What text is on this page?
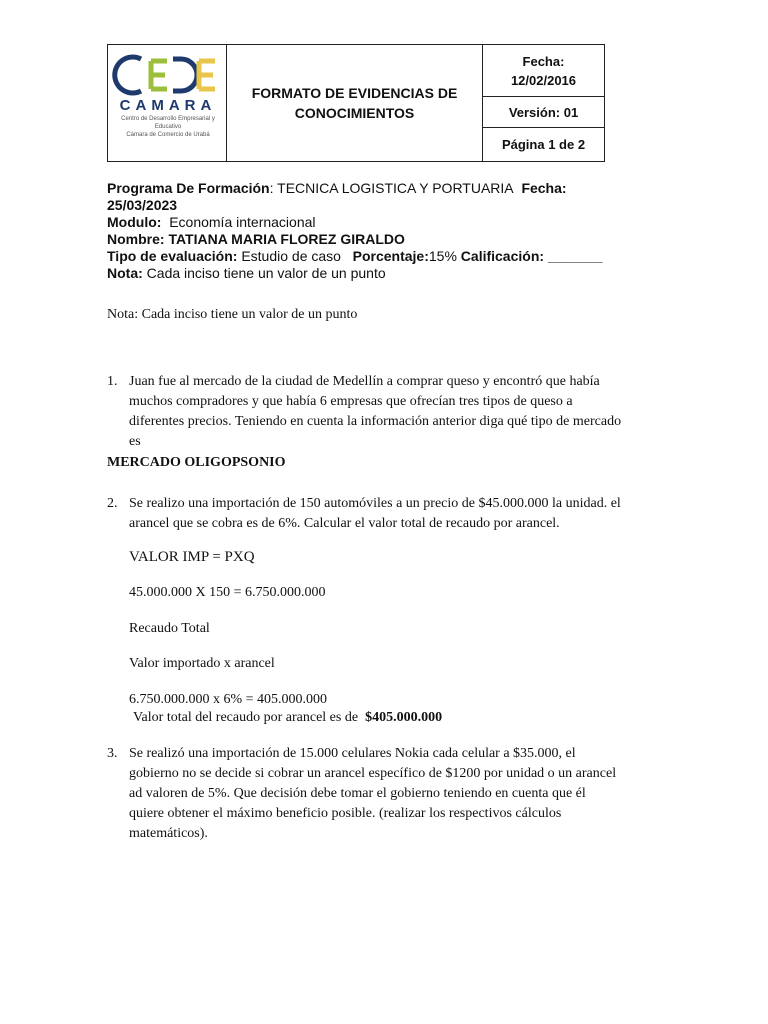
CAMARA
Centro de Desarrollo Empresarial y Educativo
Cámara de Comercio de Urabá
FORMATO DE EVIDENCIAS DE
CONOCIMIENTOS
Fecha:
12/02/2016
Versión: 01
Página 1 de 2
Programa De Formación: TECNICA LOGISTICA Y PORTUARIA Fecha:
25/03/2023
Modulo: Economía internacional
Nombre: TATIANA MARIA FLOREZ GIRALDO
Tipo de evaluación: Estudio de caso Porcentaje:15% Calificación: _______
Nota: Cada inciso tiene un valor de un punto
Nota: Cada inciso tiene un valor de un punto
1. Juan fue al mercado de la ciudad de Medellín a comprar queso y encontró que había
muchos compradores y que había 6 empresas que ofrecían tres tipos de queso a
diferentes precios. Teniendo en cuenta la información anterior diga qué tipo de mercado
es
MERCADO OLIGOPSONIO
2. Se realizo una importación de 150 automóviles a un precio de $45.000.000 la unidad. el
arancel que se cobra es de 6%. Calcular el valor total de recaudo por arancel.
VALOR IMP = PXQ
45.000.000 X 150 = 6.750.000.000
Recaudo Total
Valor importado x arancel
6.750.000.000 x 6% = 405.000.000
Valor total del recaudo por arancel es de $405.000.000
3. Se realizó una importación de 15.000 celulares Nokia cada celular a $35.000, el
gobierno no se decide si cobrar un arancel específico de $1200 por unidad o un arancel
ad valoren de 5%. Que decisión debe tomar el gobierno teniendo en cuenta que él
quiere obtener el máximo beneficio posible. (realizar los respectivos cálculos
matemáticos).
